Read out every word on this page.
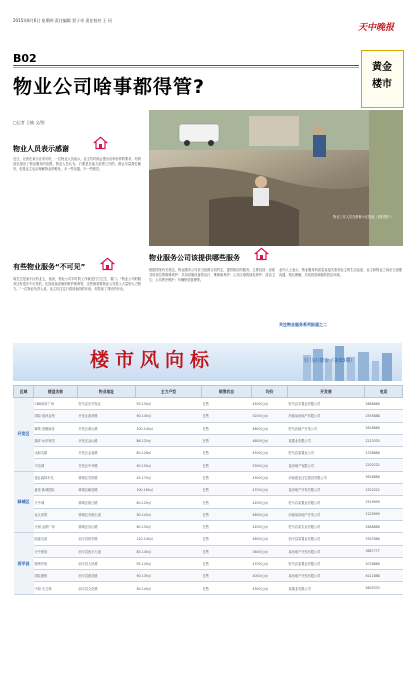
2015年8月6日 星期四 责任编辑 贾子奇 责任校对 王 珂
天中晚报
B02
物业公司啥事都得管?
黄金
楼市
□记者 王楠 文/图
物业人员表示感谢
近日，记者在某小区采访时，一位物业人员表示，业主有时候会提出各种各样的要求，有的甚至超出了物业服务的范围。物业人员认为，只要是在能力范围之内的，都会尽量帮忙解决，但是业主也应理解物业的难处，多一些沟通，少一些抱怨。
有些物业服务“不可见”
周先生是某小区的业主，他说，物业公司平时的工作就是打扫卫生、看门。“物业公司的服务还有很多不可见的，比如设备设施的维护保养等，这些都需要物业公司投入大量的人力物力。”一位物业负责人说，业主们往往只看到表面的东西，却忽视了背后的付出。
物业工作人员在维修小区管道（资料图片）
物业服务公司该提供哪些服务
根据国家有关规定，物业服务公司应当按照合同约定，提供相应的服务。主要包括：房屋共用部位的维修养护；共用设施设备的运行、维修和养护；公共区域的绿化养护；清洁卫生；公共秩序维护；车辆停放管理等。
业内人士表示，物业服务的质量直接关系到业主的生活品质，业主和物业之间应当加强沟通，相互理解，共同营造和谐的居住环境。
关注物业服务系列报道之二
楼市风向标	驻马店楼市（第83期）
区域	楼盘名称	物业地址	主力户型	销售状态	均价	开发商	电话
开发区	CBD商务广场	驻马店市开发区	93-130㎡	在售	4500元/㎡	驻马店市置业有限公司	2888888
	国际·滨河金苑	开发区滨河路	90-140㎡	在售	5200元/㎡	河南某房地产有限公司	2535888
	御景·香榭丽舍	开发区黄山路	100-140㎡	在售	4800元/㎡	驻马店地产开发公司	2818888
	瑞祥·水岸家园	开发区金山路	86-125㎡	在售	4600元/㎡	某置业有限公司	2223333
	水韵名都	开发区金雀路	80-128㎡	在售	4500元/㎡	驻马店某置业公司	2758888
	中央城	开发区中华路	90-150㎡	在售	5300元/㎡	某房地产有限公司	2202222
驿城区	建业森林半岛	驿城区雪松路	45-175㎡	在售	4300元/㎡	河南建业住宅建设有限公司	3616888
	盛世·新城国际	驿城区解放路	100-160㎡	在售	4700元/㎡	某房地产开发有限公司	2322222
	天中城	驿城区练江路	80-120㎡	在售	4200元/㎡	驻马店某置业有限公司	2519999
	亚太帝景	驿城区开源大道	90-143㎡	在售	4600元/㎡	河南某房地产开发公司	2125999
	天润·金桥广场	驿城区乐山路	60-130㎡	在售	4200元/㎡	驻马店某实业有限公司	2688888
西平县	凯旋名邸	西平县柏亭路	120-140㎡	在售	4600元/㎡	西平县某置业有限公司	3307888
	天中豪庭	西平县西平大道	85-140㎡	在售	3600元/㎡	某房地产开发有限公司	3687777
	锦绣华府	西平县人民路	95-140㎡	在售	4700元/㎡	驻马店某置业有限公司	2078888
	国际康桥	西平县建设路	90-135㎡	在售	4000元/㎡	某房地产开发有限公司	6111888
	中原·天文苑	西平县文化路	90-140㎡	在售	4300元/㎡	某置业有限公司	5805333
